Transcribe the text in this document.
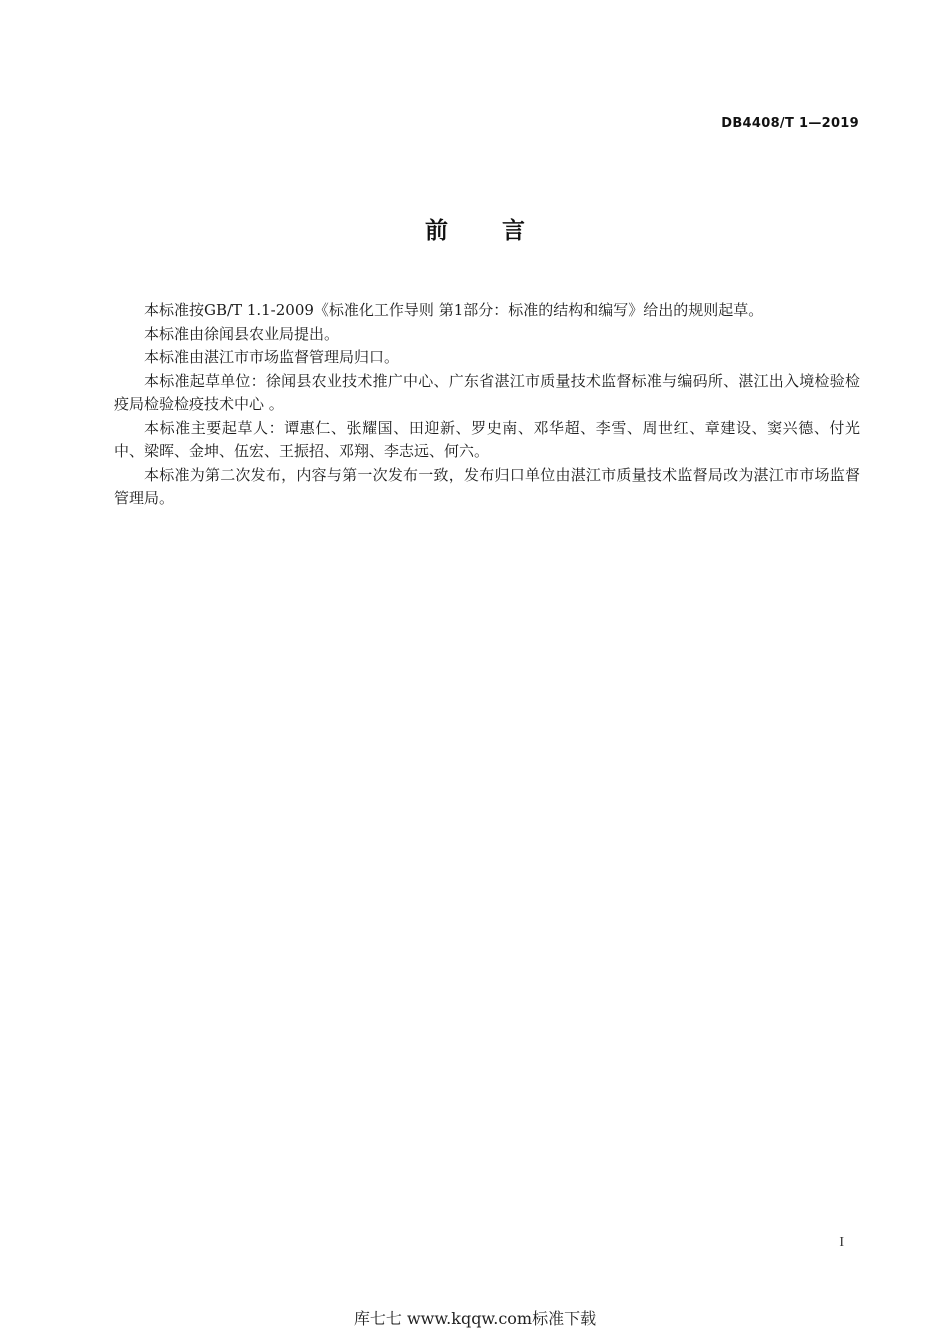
DB4408/T 1—2019
前言

本标准按GB/T 1.1-2009《标准化工作导则 第1部分：标准的结构和编写》给出的规则起草。

本标准由徐闻县农业局提出。

本标准由湛江市市场监督管理局归口。

本标准起草单位：徐闻县农业技术推广中心、广东省湛江市质量技术监督标准与编码所、湛江出入境检验检疫局检验检疫技术中心 。

本标准主要起草人：谭惠仁、张耀国、田迎新、罗史南、邓华超、李雪、周世红、章建设、窦兴德、付光中、梁晖、金坤、伍宏、王振招、邓翔、李志远、何六。

本标准为第二次发布，内容与第一次发布一致，发布归口单位由湛江市质量技术监督局改为湛江市市场监督管理局。

I
库七七 www.kqqw.com标准下载
